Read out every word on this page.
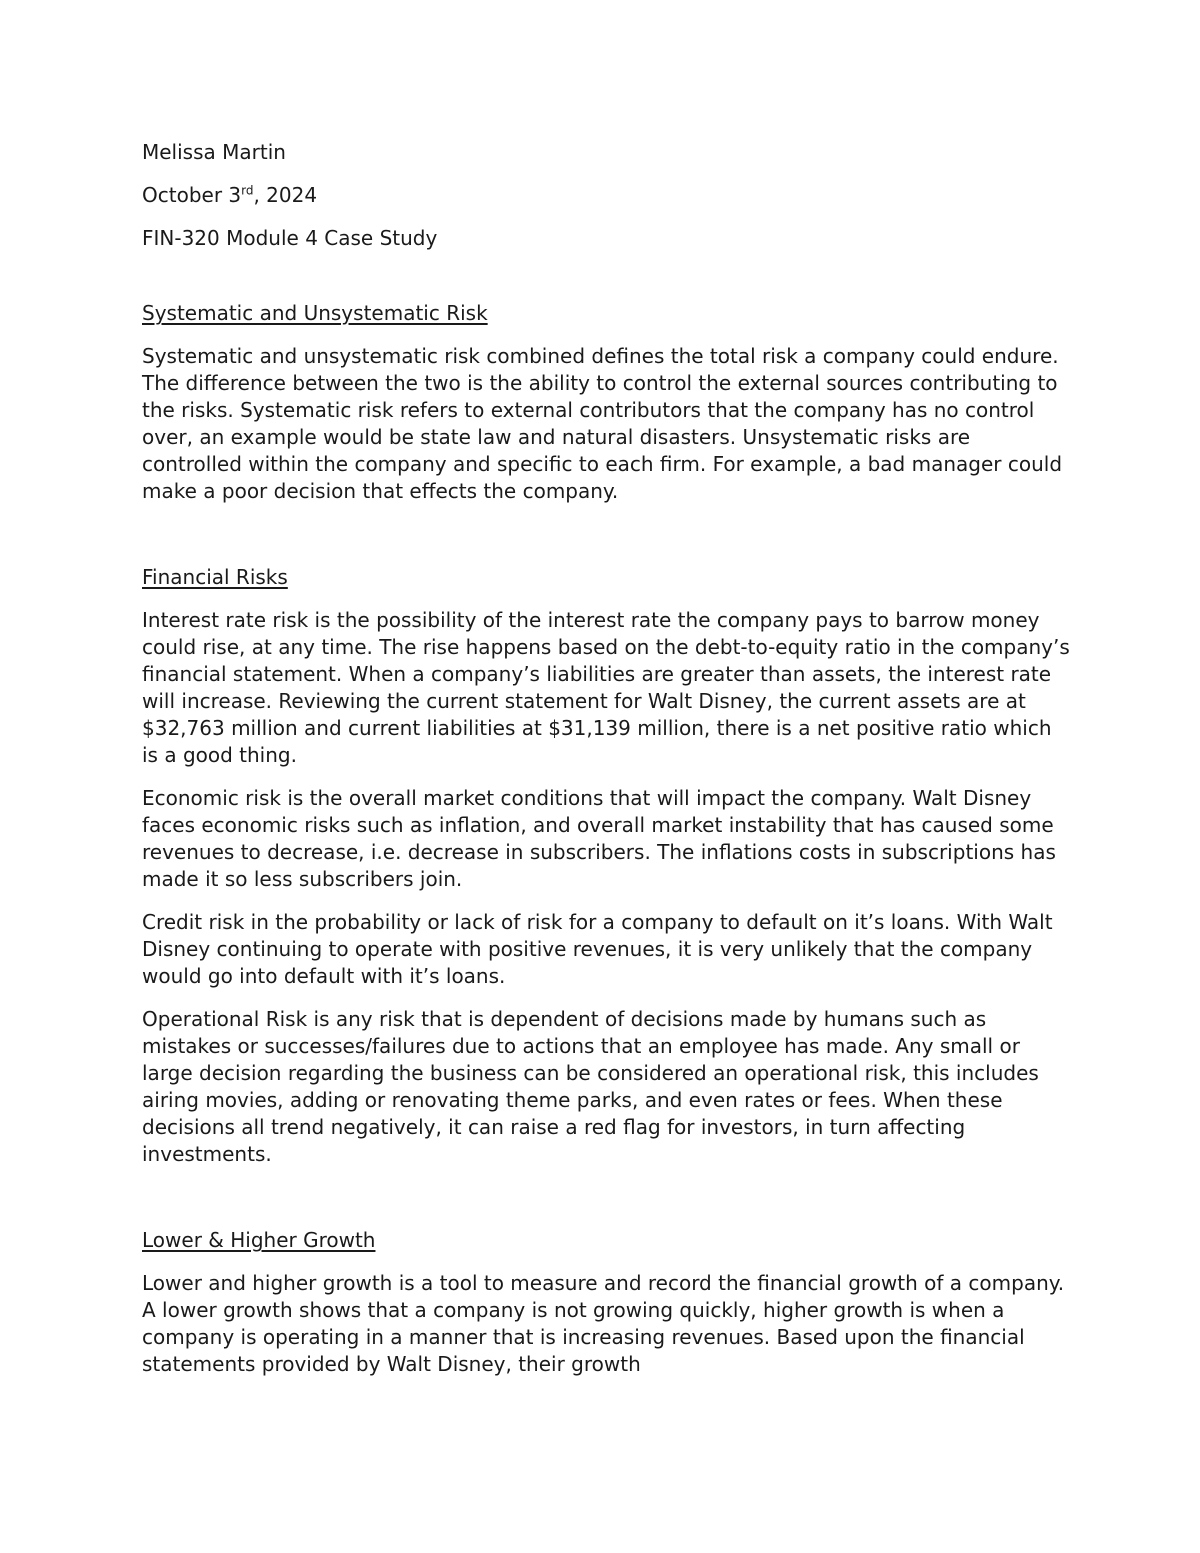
Melissa Martin
October 3rd, 2024
FIN-320 Module 4 Case Study
Systematic and Unsystematic Risk

Systematic and unsystematic risk combined defines the total risk a company could endure. The difference between the two is the ability to control the external sources contributing to the risks. Systematic risk refers to external contributors that the company has no control over, an example would be state law and natural disasters. Unsystematic risks are controlled within the company and specific to each firm. For example, a bad manager could make a poor decision that effects the company.

Financial Risks

Interest rate risk is the possibility of the interest rate the company pays to barrow money could rise, at any time. The rise happens based on the debt-to-equity ratio in the company’s financial statement. When a company’s liabilities are greater than assets, the interest rate will increase. Reviewing the current statement for Walt Disney, the current assets are at $32,763 million and current liabilities at $31,139 million, there is a net positive ratio which is a good thing.

Economic risk is the overall market conditions that will impact the company. Walt Disney faces economic risks such as inflation, and overall market instability that has caused some revenues to decrease, i.e. decrease in subscribers. The inflations costs in subscriptions has made it so less subscribers join.

Credit risk in the probability or lack of risk for a company to default on it’s loans. With Walt Disney continuing to operate with positive revenues, it is very unlikely that the company would go into default with it’s loans.

Operational Risk is any risk that is dependent of decisions made by humans such as mistakes or successes/failures due to actions that an employee has made. Any small or large decision regarding the business can be considered an operational risk, this includes airing movies, adding or renovating theme parks, and even rates or fees. When these decisions all trend negatively, it can raise a red flag for investors, in turn affecting investments.

Lower & Higher Growth

Lower and higher growth is a tool to measure and record the financial growth of a company. A lower growth shows that a company is not growing quickly, higher growth is when a company is operating in a manner that is increasing revenues. Based upon the financial statements provided by Walt Disney, their growth
